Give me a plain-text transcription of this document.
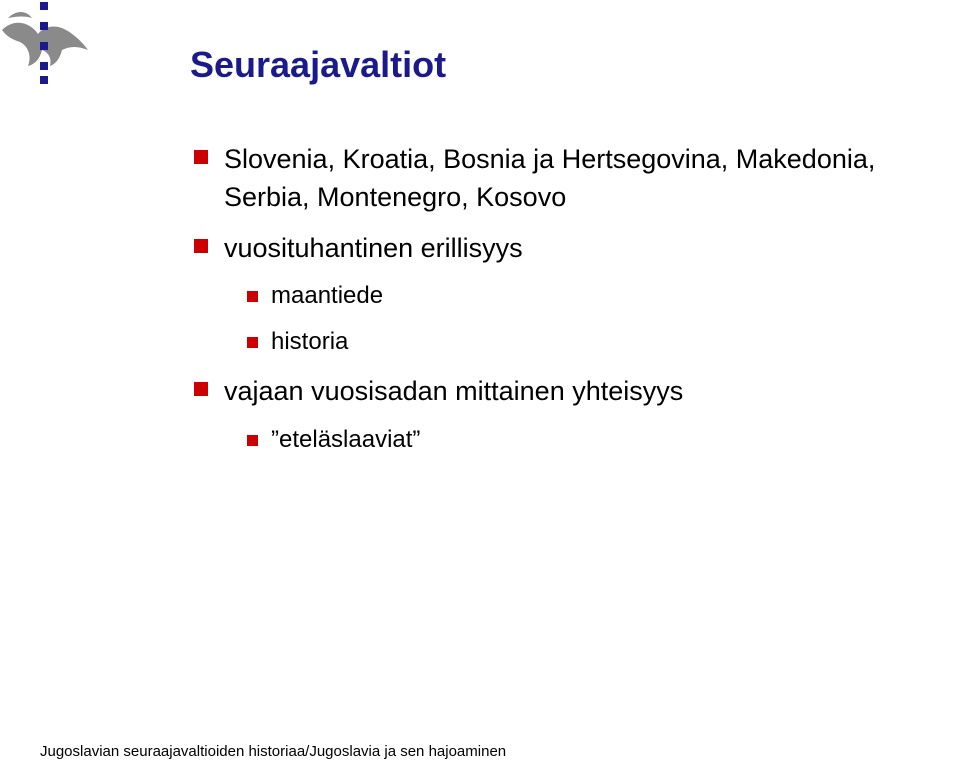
Seuraajavaltiot
Slovenia, Kroatia, Bosnia ja Hertsegovina, Makedonia,
Serbia, Montenegro, Kosovo
vuosituhantinen erillisyys
maantiede
historia
vajaan vuosisadan mittainen yhteisyys
”eteläslaaviat”
Jugoslavian seuraajavaltioiden historiaa/Jugoslavia ja sen hajoaminen
